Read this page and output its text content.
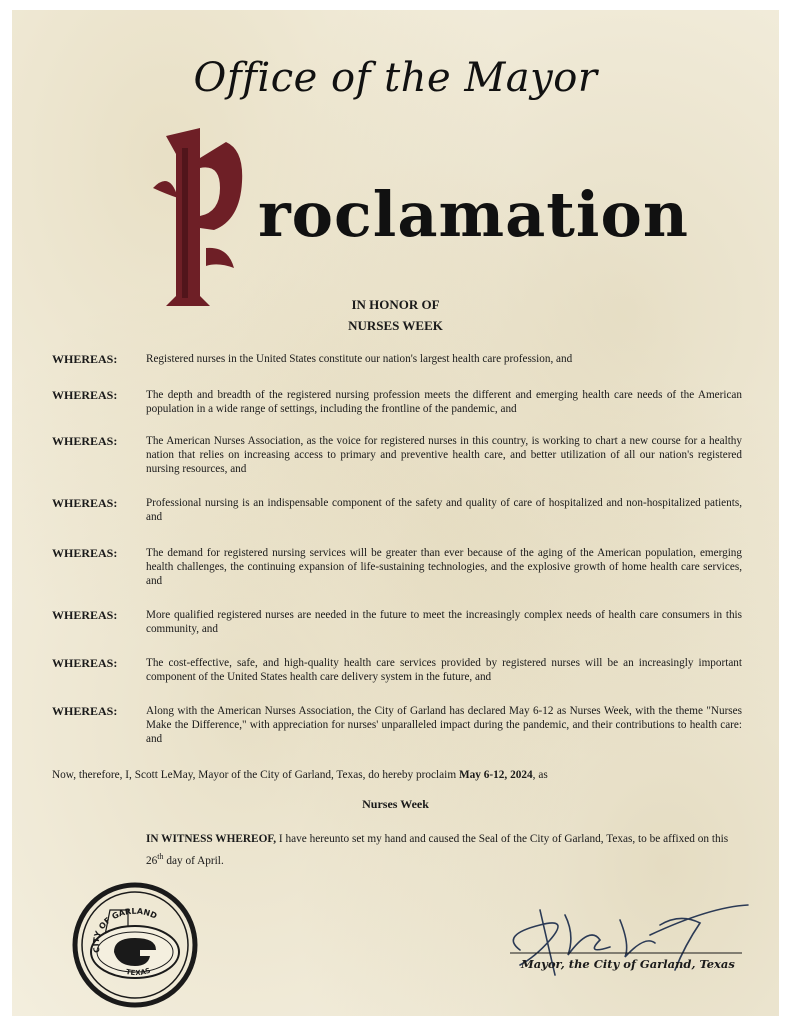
Office of the Mayor
roclamation
IN HONOR OF
NURSES WEEK
WHEREAS:	Registered nurses in the United States constitute our nation's largest health care profession, and
WHEREAS:	The depth and breadth of the registered nursing profession meets the different and emerging health care needs of the American population in a wide range of settings, including the frontline of the pandemic, and
WHEREAS:	The American Nurses Association, as the voice for registered nurses in this country, is working to chart a new course for a healthy nation that relies on increasing access to primary and preventive health care, and better utilization of all our nation's registered nursing resources, and
WHEREAS:	Professional nursing is an indispensable component of the safety and quality of care of hospitalized and non-hospitalized patients, and
WHEREAS:	The demand for registered nursing services will be greater than ever because of the aging of the American population, emerging health challenges, the continuing expansion of life-sustaining technologies, and the explosive growth of home health care services, and
WHEREAS:	More qualified registered nurses are needed in the future to meet the increasingly complex needs of health care consumers in this community, and
WHEREAS:	The cost-effective, safe, and high-quality health care services provided by registered nurses will be an increasingly important component of the United States health care delivery system in the future, and
WHEREAS:	Along with the American Nurses Association, the City of Garland has declared May 6-12 as Nurses Week, with the theme "Nurses Make the Difference," with appreciation for nurses' unparalleled impact during the pandemic, and their contributions to health care: and
Now, therefore, I, Scott LeMay, Mayor of the City of Garland, Texas, do hereby proclaim May 6-12, 2024, as
Nurses Week
IN WITNESS WHEREOF, I have hereunto set my hand and caused the Seal of the City of Garland, Texas, to be affixed on this 26th day of April.
CITY OF GARLAND
TEXAS
Mayor, the City of Garland, Texas
